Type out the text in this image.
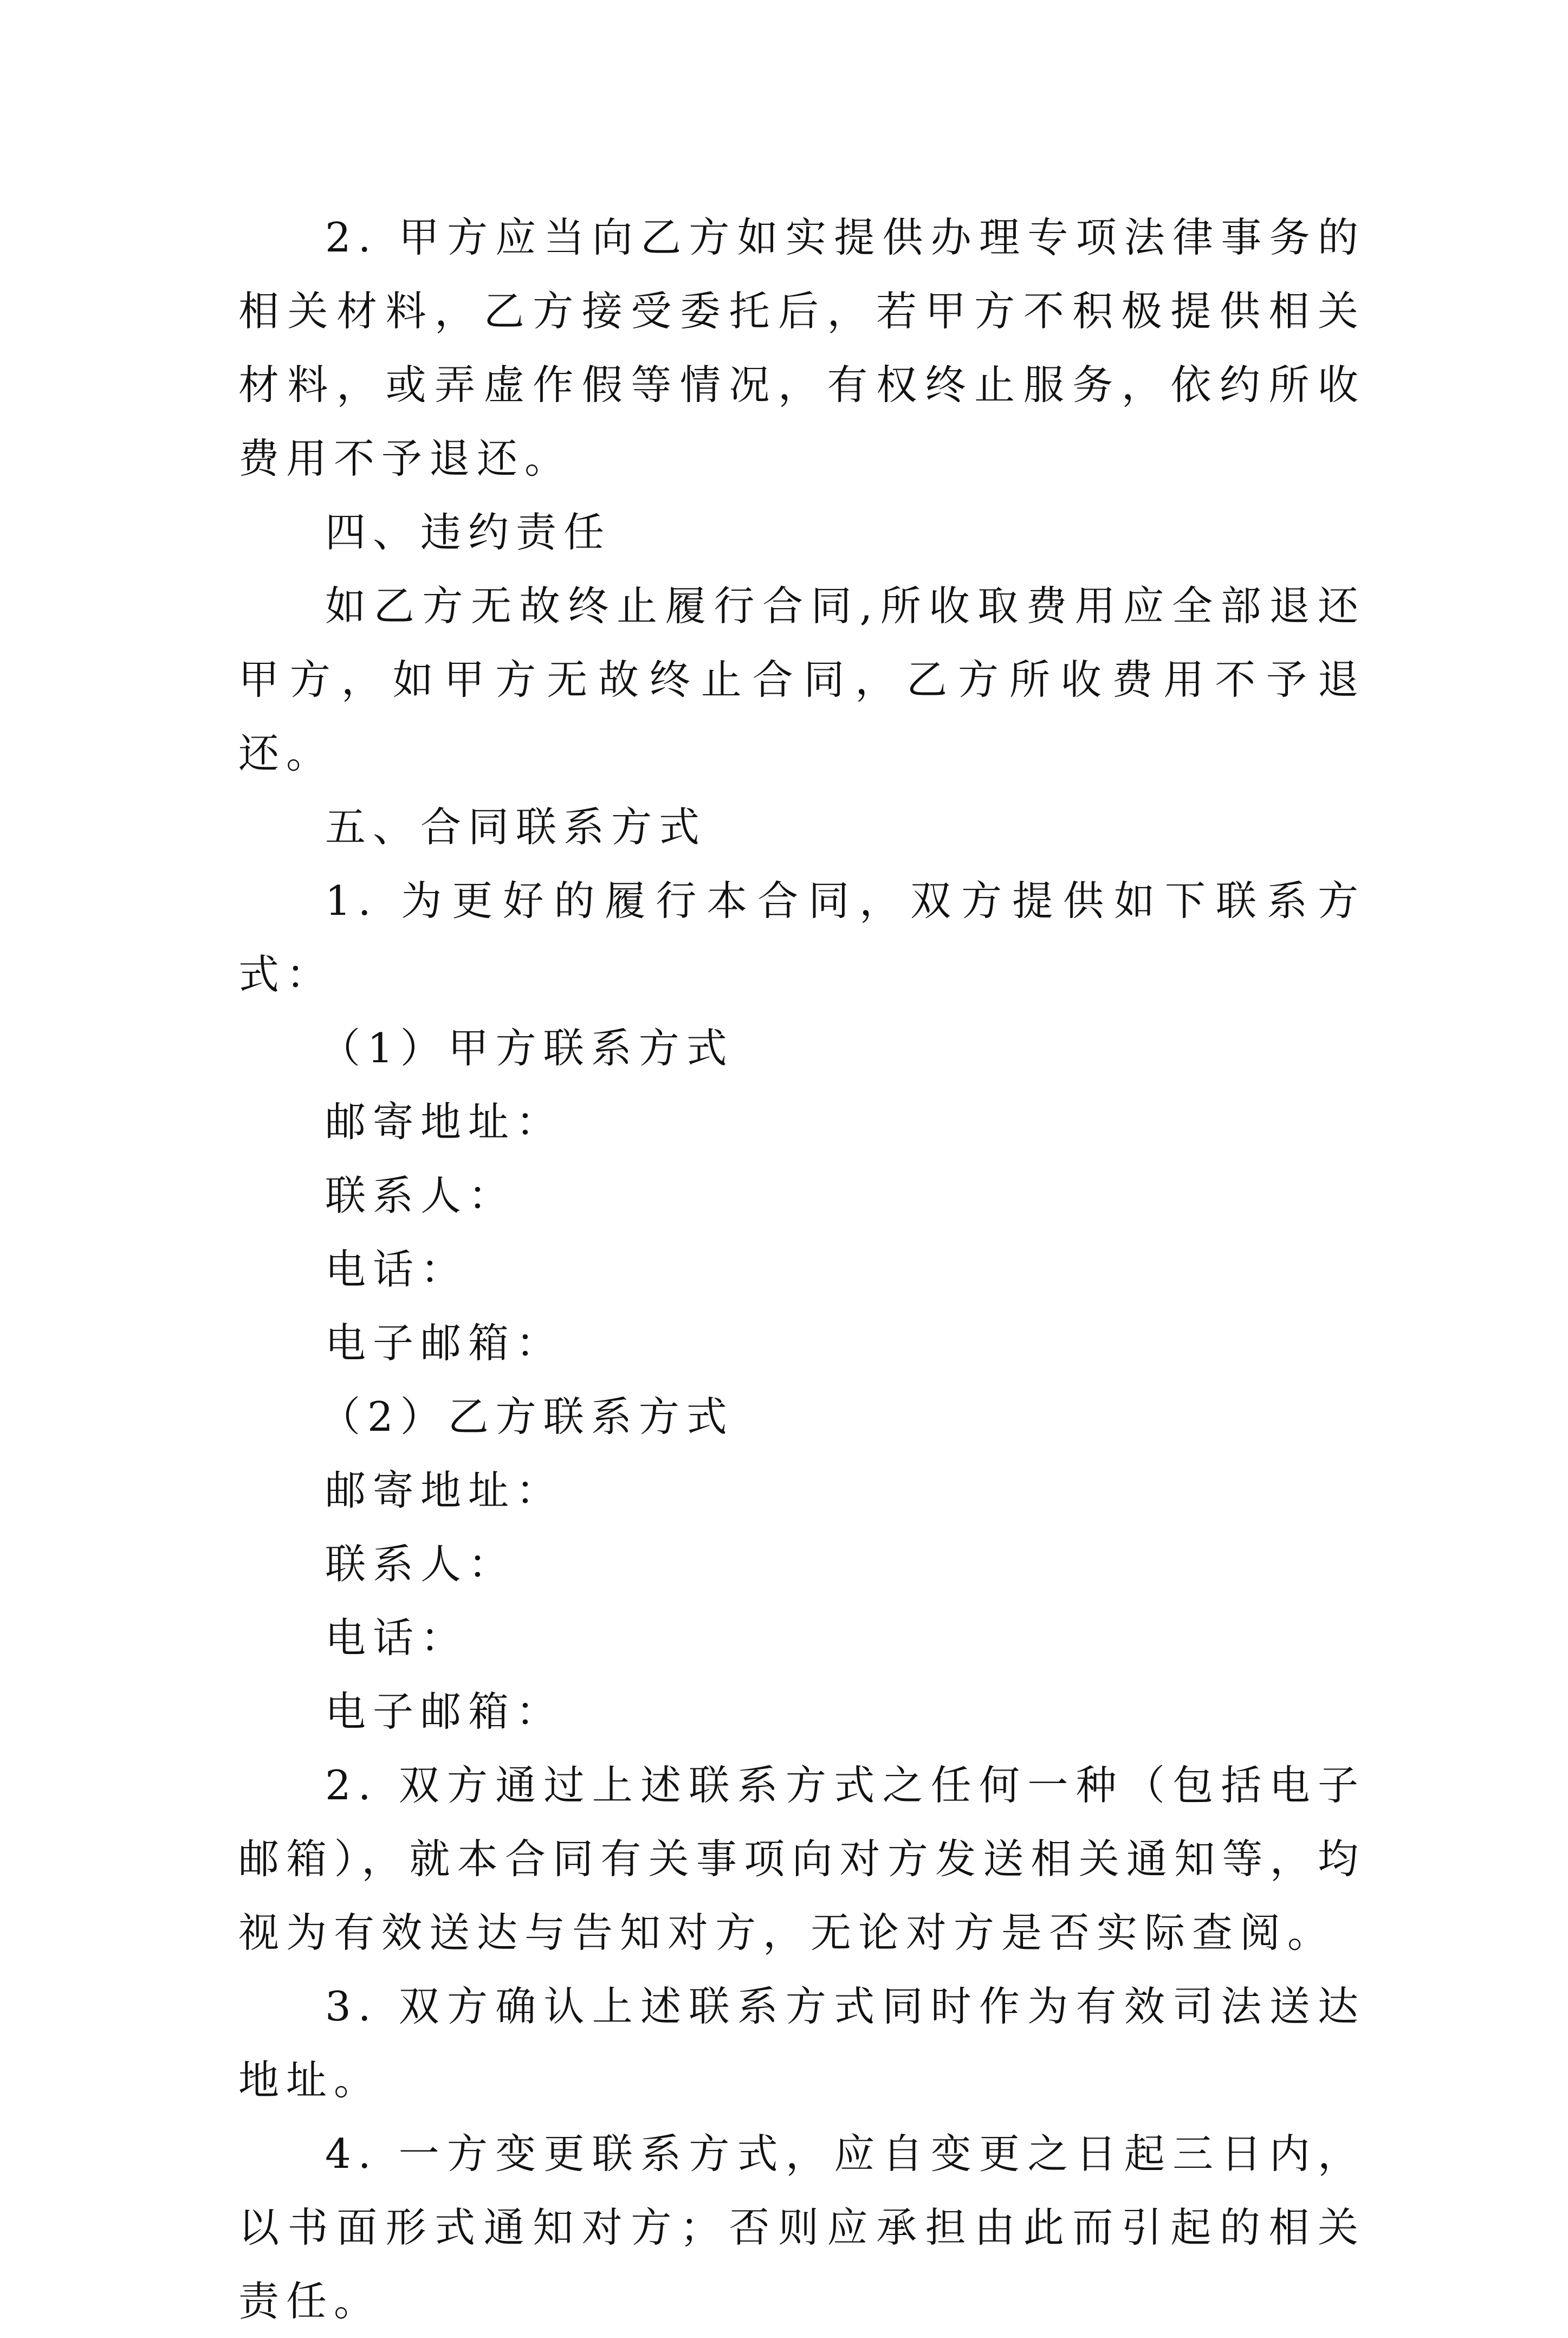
2. 甲方应当向乙方如实提供办理专项法律事务的相关材料，乙方接受委托后，若甲方不积极提供相关材料，或弄虚作假等情况，有权终止服务，依约所收费用不予退还。

四、违约责任

如乙方无故终止履行合同,所收取费用应全部退还甲方，如甲方无故终止合同，乙方所收费用不予退还。

五、合同联系方式

1. 为更好的履行本合同，双方提供如下联系方式：

（1）甲方联系方式

邮寄地址：

联系人：

电话：

电子邮箱：

（2）乙方联系方式

邮寄地址：

联系人：

电话：

电子邮箱：

2. 双方通过上述联系方式之任何一种（包括电子邮箱），就本合同有关事项向对方发送相关通知等，均视为有效送达与告知对方，无论对方是否实际查阅。

3. 双方确认上述联系方式同时作为有效司法送达地址。

4. 一方变更联系方式，应自变更之日起三日内，以书面形式通知对方；否则应承担由此而引起的相关责任。
